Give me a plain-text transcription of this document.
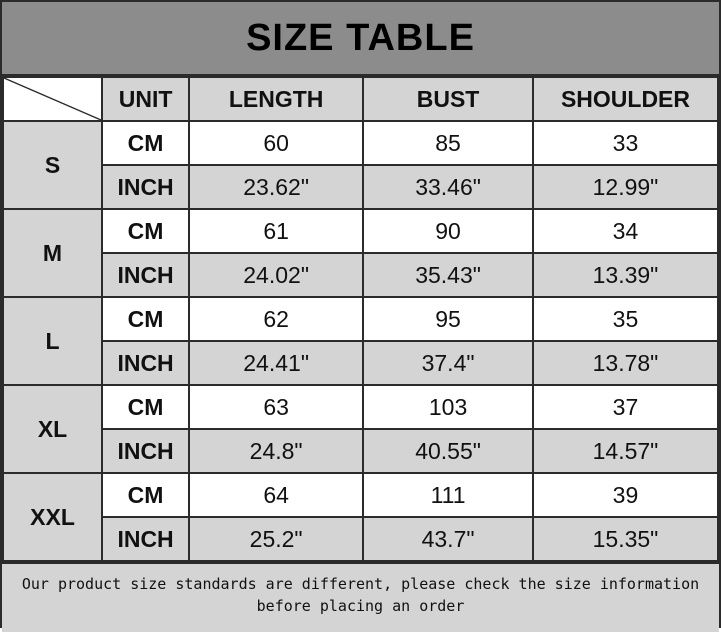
SIZE TABLE
	UNIT	LENGTH	BUST	SHOULDER
S	CM	60	85	33
	INCH	23.62"	33.46"	12.99"
M	CM	61	90	34
	INCH	24.02"	35.43"	13.39"
L	CM	62	95	35
	INCH	24.41"	37.4"	13.78"
XL	CM	63	103	37
	INCH	24.8"	40.55"	14.57"
XXL	CM	64	111	39
	INCH	25.2"	43.7"	15.35"
Our product size standards are different, please check the size information
before placing an order
